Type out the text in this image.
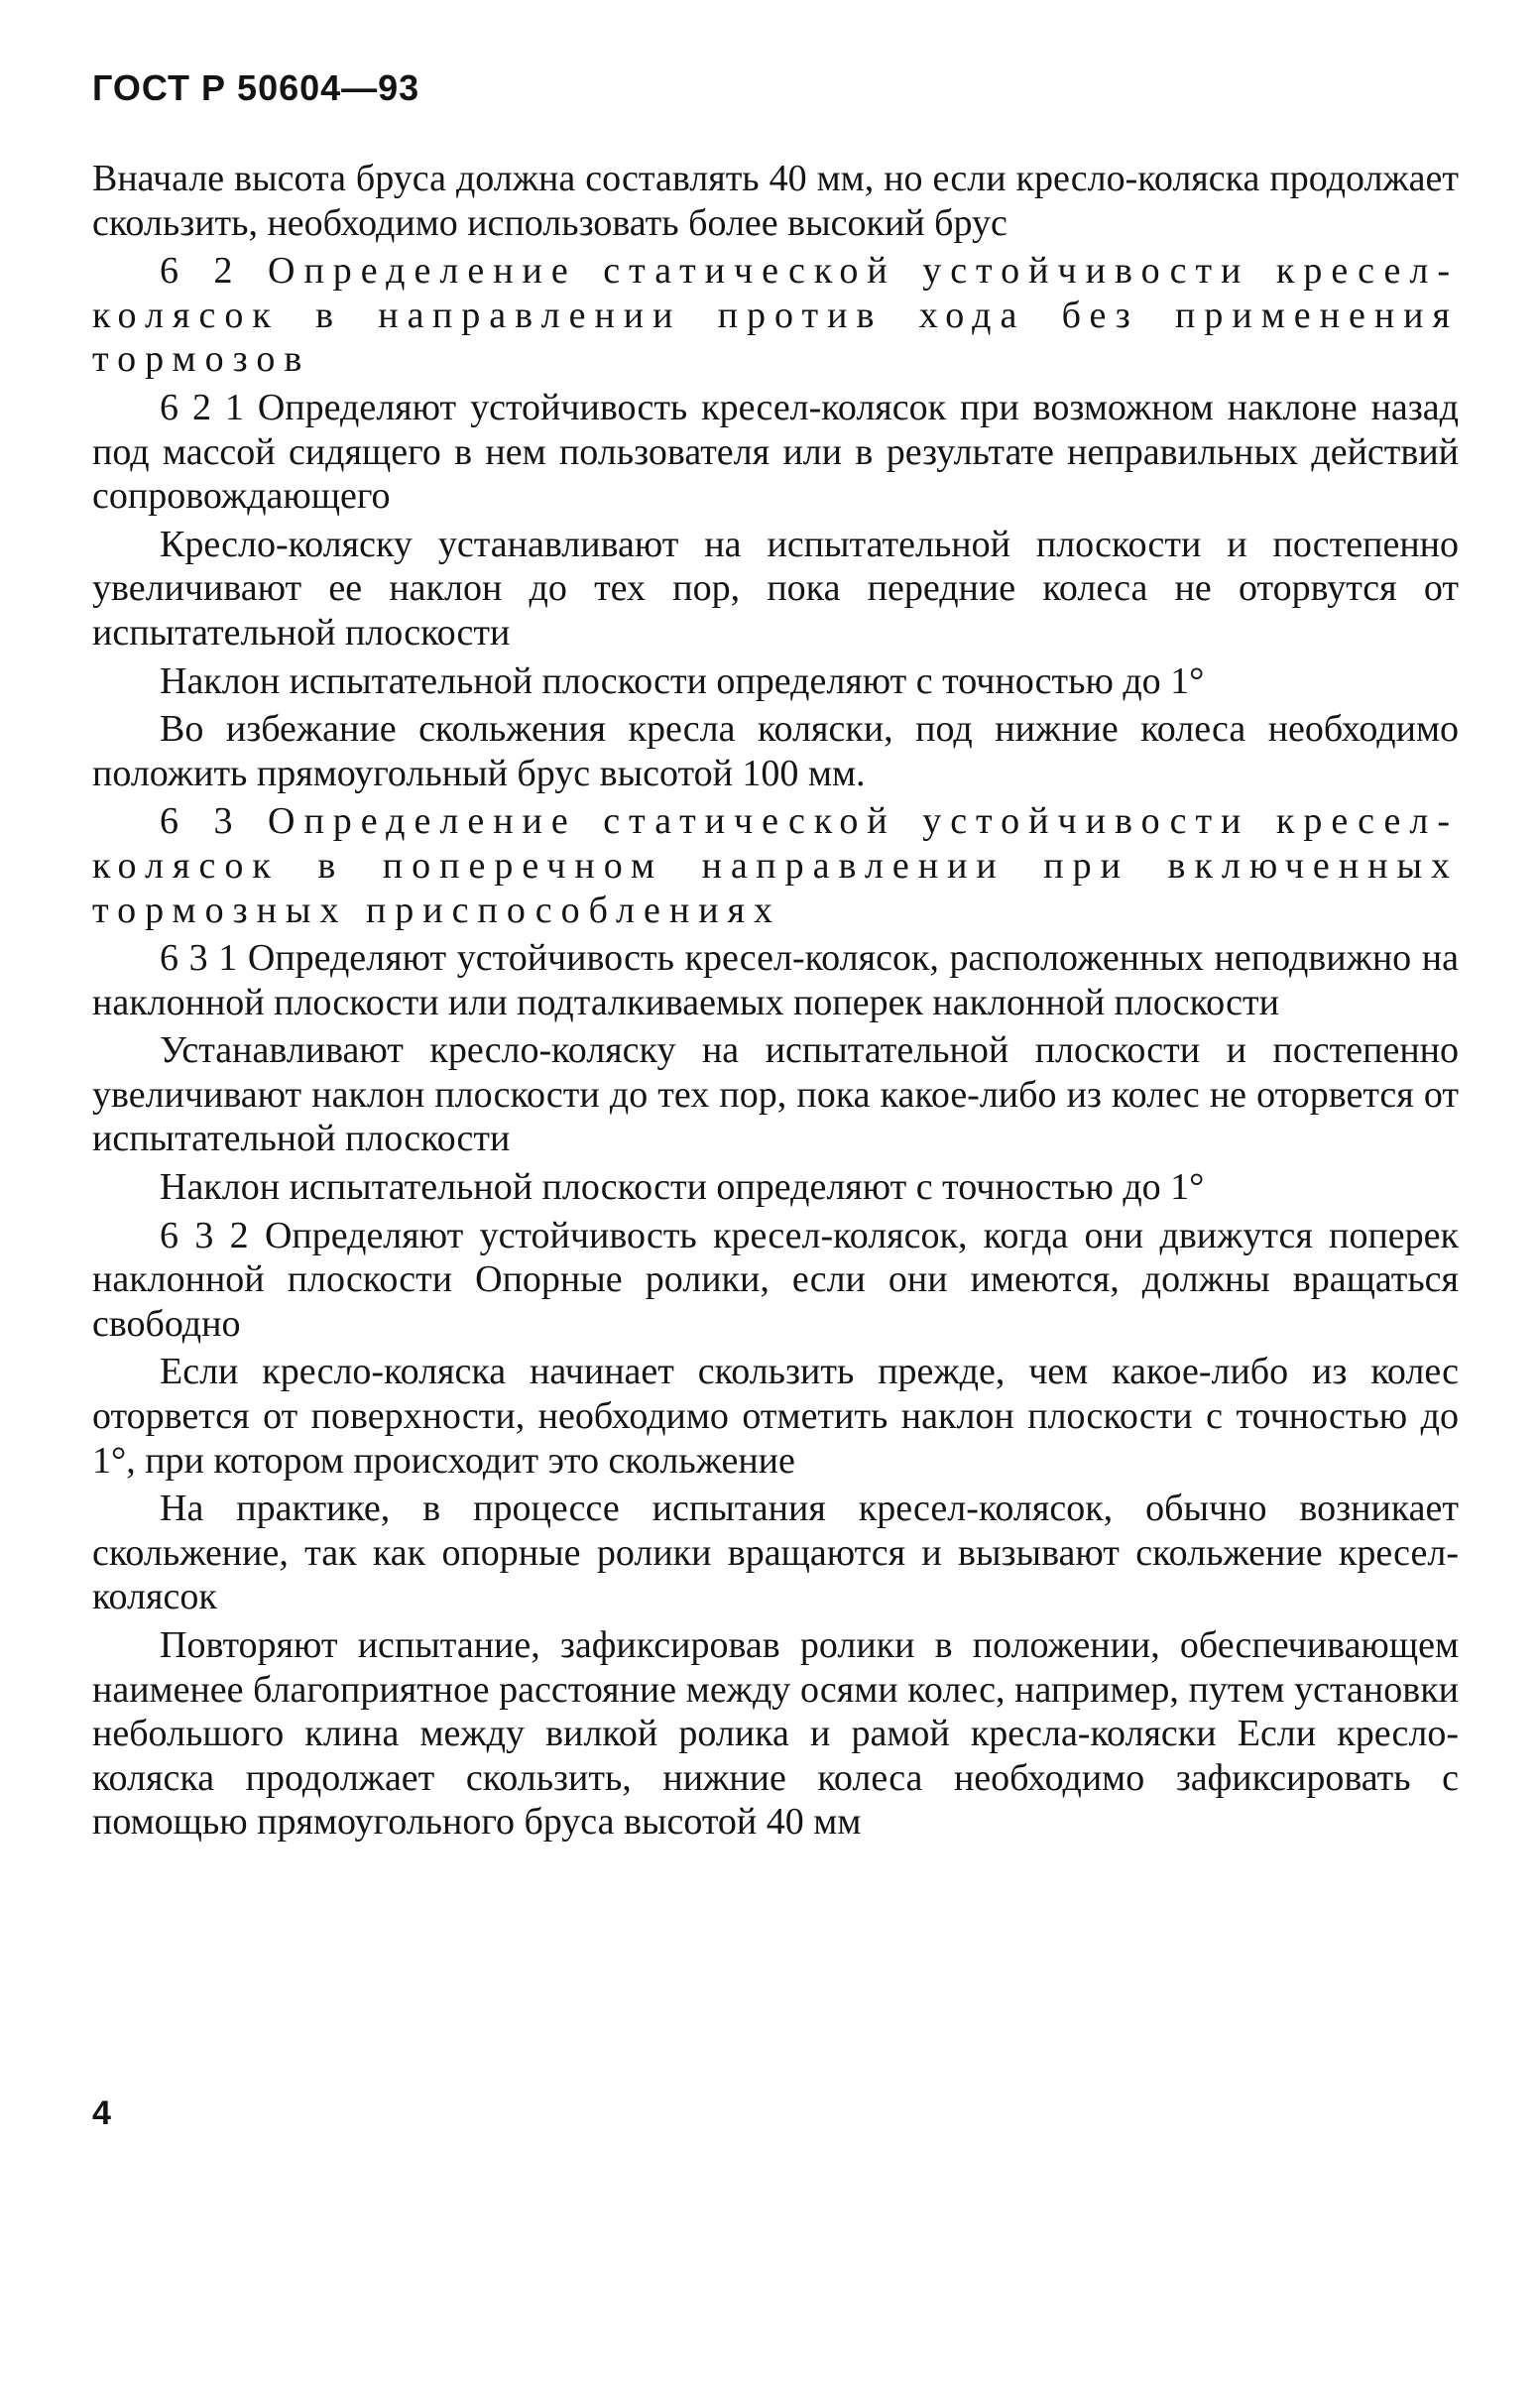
ГОСТ Р 50604—93

Вначале высота бруса должна составлять 40 мм, но если кресло-коляска продолжает скользить, необходимо использовать более высокий брус

6 2 Определение статической устойчивости кресел-колясок в направлении против хода без применения тормозов

6 2 1 Определяют устойчивость кресел-колясок при возможном наклоне назад под массой сидящего в нем пользователя или в результате неправильных действий сопровождающего

Кресло-коляску устанавливают на испытательной плоскости и постепенно увеличивают ее наклон до тех пор, пока передние колеса не оторвутся от испытательной плоскости

Наклон испытательной плоскости определяют с точностью до 1°

Во избежание скольжения кресла коляски, под нижние колеса необходимо положить прямоугольный брус высотой 100 мм.

6 3 Определение статической устойчивости кресел-колясок в поперечном направлении при включенных тормозных приспособлениях

6 3 1 Определяют устойчивость кресел-колясок, расположенных неподвижно на наклонной плоскости или подталкиваемых поперек наклонной плоскости

Устанавливают кресло-коляску на испытательной плоскости и постепенно увеличивают наклон плоскости до тех пор, пока какое-либо из колес не оторвется от испытательной плоскости

Наклон испытательной плоскости определяют с точностью до 1°

6 3 2 Определяют устойчивость кресел-колясок, когда они движутся поперек наклонной плоскости Опорные ролики, если они имеются, должны вращаться свободно

Если кресло-коляска начинает скользить прежде, чем какое-либо из колес оторвется от поверхности, необходимо отметить наклон плоскости с точностью до 1°, при котором происходит это скольжение

На практике, в процессе испытания кресел-колясок, обычно возникает скольжение, так как опорные ролики вращаются и вызывают скольжение кресел-колясок

Повторяют испытание, зафиксировав ролики в положении, обеспечивающем наименее благоприятное расстояние между осями колес, например, путем установки небольшого клина между вилкой ролика и рамой кресла-коляски Если кресло-коляска продолжает скользить, нижние колеса необходимо зафиксировать с помощью прямоугольного бруса высотой 40 мм

4
